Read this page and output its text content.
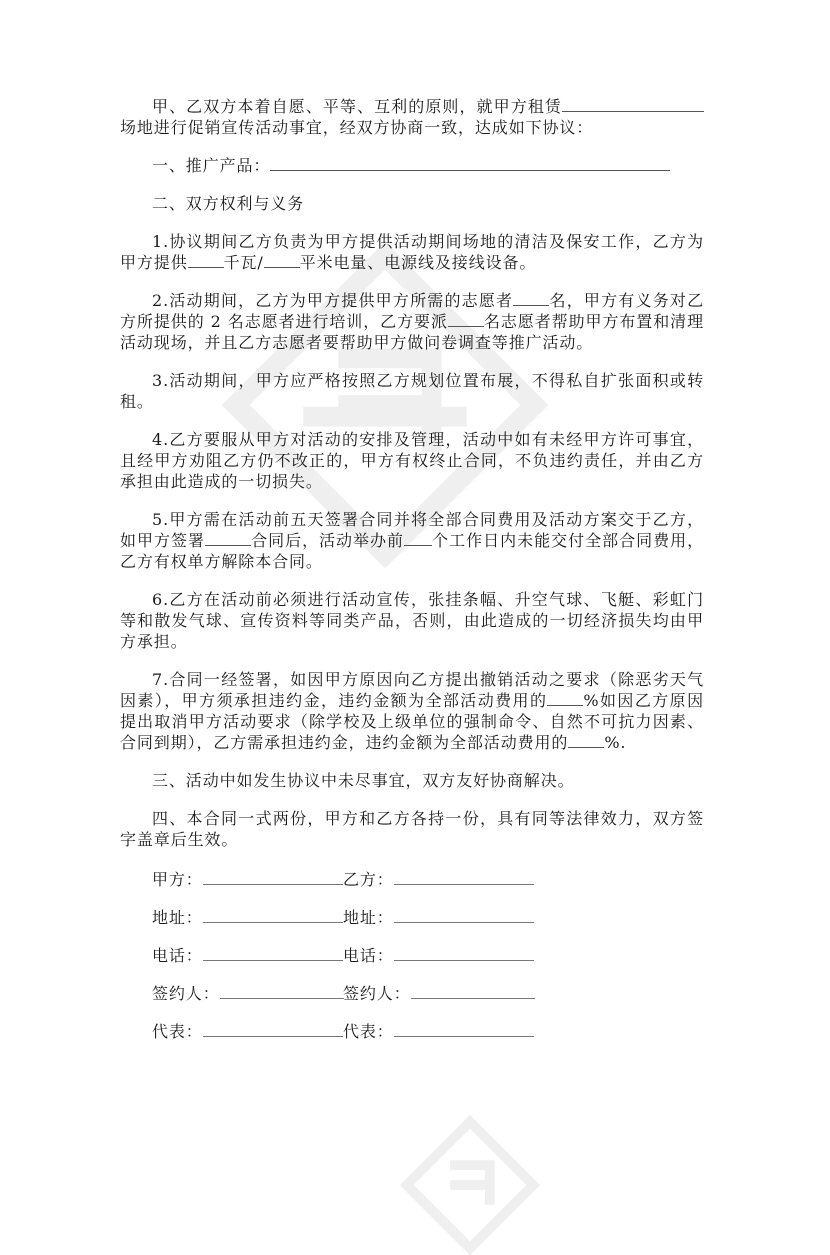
甲、乙双方本着自愿、平等、互利的原则，就甲方租赁场地进行促销宣传活动事宜，经双方协商一致，达成如下协议：

一、推广产品：

二、双方权利与义务

1.协议期间乙方负责为甲方提供活动期间场地的清洁及保安工作，乙方为甲方提供 千瓦/ 平米电量、电源线及接线设备。

2.活动期间，乙方为甲方提供甲方所需的志愿者 名，甲方有义务对乙方所提供的 2 名志愿者进行培训，乙方要派 名志愿者帮助甲方布置和清理活动现场，并且乙方志愿者要帮助甲方做问卷调查等推广活动。

3.活动期间，甲方应严格按照乙方规划位置布展，不得私自扩张面积或转租。

4.乙方要服从甲方对活动的安排及管理，活动中如有未经甲方许可事宜，且经甲方劝阻乙方仍不改正的，甲方有权终止合同，不负违约责任，并由乙方承担由此造成的一切损失。

5.甲方需在活动前五天签署合同并将全部合同费用及活动方案交于乙方，如甲方签署	合同后，活动举办前 个工作日内未能交付全部合同费用，乙方有权单方解除本合同。

6.乙方在活动前必须进行活动宣传，张挂条幅、升空气球、飞艇、彩虹门等和散发气球、宣传资料等同类产品，否则，由此造成的一切经济损失均由甲方承担。

7.合同一经签署，如因甲方原因向乙方提出撤销活动之要求（除恶劣天气因素），甲方须承担违约金，违约金额为全部活动费用的 %如因乙方原因提出取消甲方活动要求（除学校及上级单位的强制命令、自然不可抗力因素、合同到期），乙方需承担违约金，违约金额为全部活动费用的 %.

三、活动中如发生协议中未尽事宜，双方友好协商解决。

四、本合同一式两份，甲方和乙方各持一份，具有同等法律效力，双方签字盖章后生效。

甲方：	乙方：
地址：	地址：
电话：	电话：
签约人：	签约人：
代表：	代表：
